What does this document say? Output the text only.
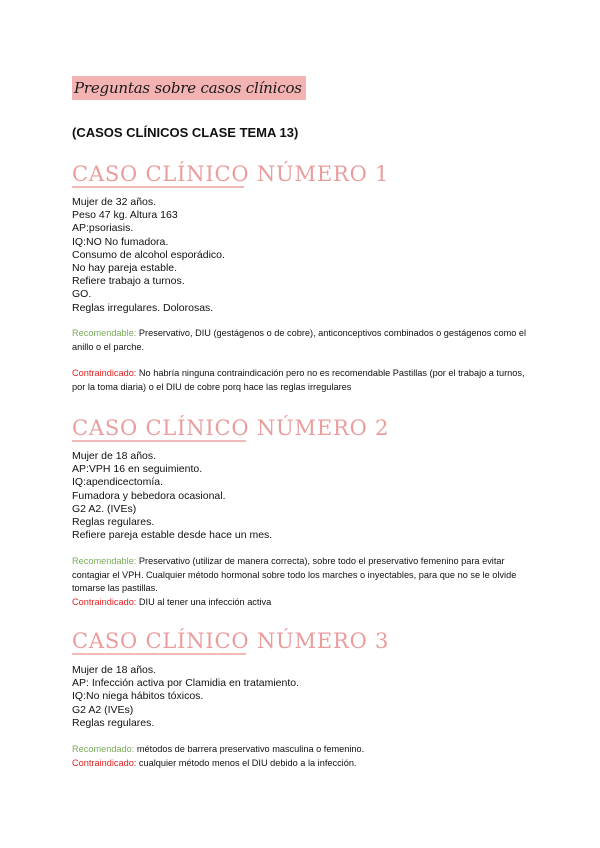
Preguntas sobre casos clínicos
(CASOS CLÍNICOS CLASE TEMA 13)
CASO CLÍNICO NÚMERO 1
Mujer de 32 años.
Peso 47 kg. Altura 163
AP:psoriasis.
IQ:NO No fumadora.
Consumo de alcohol esporádico.
No hay pareja estable.
Refiere trabajo a turnos.
GO.
Reglas irregulares. Dolorosas.
Recomendable: Preservativo, DIU (gestágenos o de cobre), anticonceptivos combinados o gestágenos como el anillo o el parche.
Contraindicado: No habría ninguna contraindicación pero no es recomendable Pastillas (por el trabajo a turnos, por la toma diaria) o el DIU de cobre porq hace las reglas irregulares
CASO CLÍNICO NÚMERO 2
Mujer de 18 años.
AP:VPH 16 en seguimiento.
IQ:apendicectomía.
Fumadora y bebedora ocasional.
G2 A2. (IVEs)
Reglas regulares.
Refiere pareja estable desde hace un mes.
Recomendable: Preservativo (utilizar de manera correcta), sobre todo el preservativo femenino para evitar contagiar el VPH. Cualquier método hormonal sobre todo los marches o inyectables, para que no se le olvide tomarse las pastillas.
Contraindicado: DIU al tener una infección activa
CASO CLÍNICO NÚMERO 3
Mujer de 18 años.
AP: Infección activa por Clamidia en tratamiento.
IQ:No niega hábitos tóxicos.
G2 A2 (IVEs)
Reglas regulares.
Recomendado: métodos de barrera preservativo masculina o femenino.
Contraindicado: cualquier método menos el DIU debido a la infección.
